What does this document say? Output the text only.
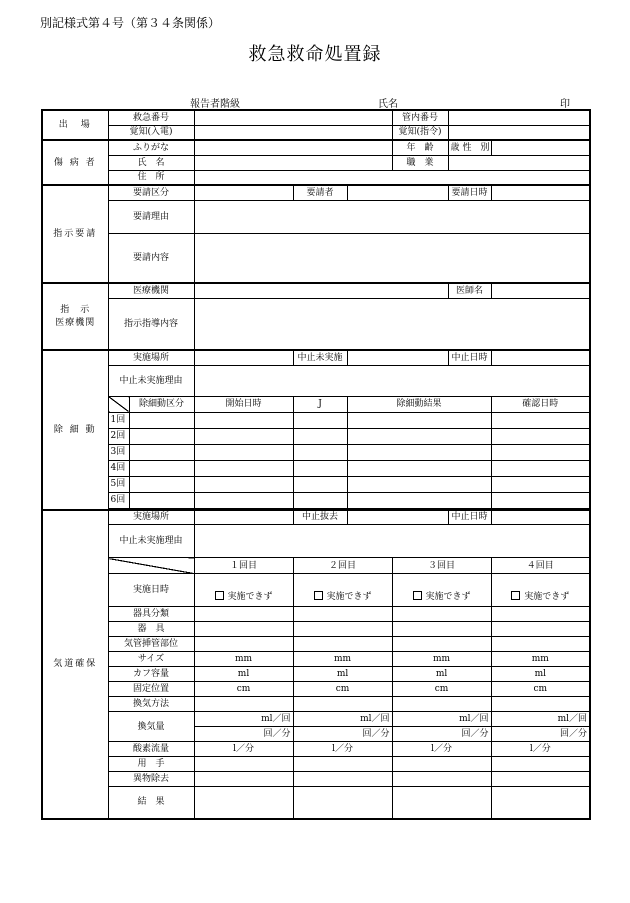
別記様式第４号（第３４条関係）
救急救命処置録
報告者階級	氏名	印
出　場	救急番号					管内番号		
	覚知(入電)					覚知(指令)		
傷 病 者	ふりがな					年　齢	歳 性　別	
	氏　名					職　業		
	住　所							
指示要請	要請区分			要請者			要請日時	
	要請理由							
	要請内容							

指　示
医療機関	医療機関						医師名	
	指示指導内容							
除 細 動	実施場所			中止未実施			中止日時	
	中止未実施理由							
		除細動区分	開始日時	J	除細動結果			確認日時
	1回							
	2回							
	3回							
	4回							
	5回							
	6回							

気道確保	実施場所			中止抜去			中止日時	
	中止未実施理由							
			１回目	２回目		３回目		４回目
	実施日時		実施できず	実施できず		実施できず		実施できず
	器具分類							
	器　具							
	気管挿管部位							
	サイズ		mm	mm		mm		mm
	カフ容量		ml	ml		ml		ml
	固定位置		cm	cm		cm		cm
	換気方法							
	換気量		ml／回	ml／回		ml／回		ml／回
			回／分	回／分		回／分		回／分
	酸素流量		l／分	l／分		l／分		l／分
	用　手							
	異物除去							
	結　果							
